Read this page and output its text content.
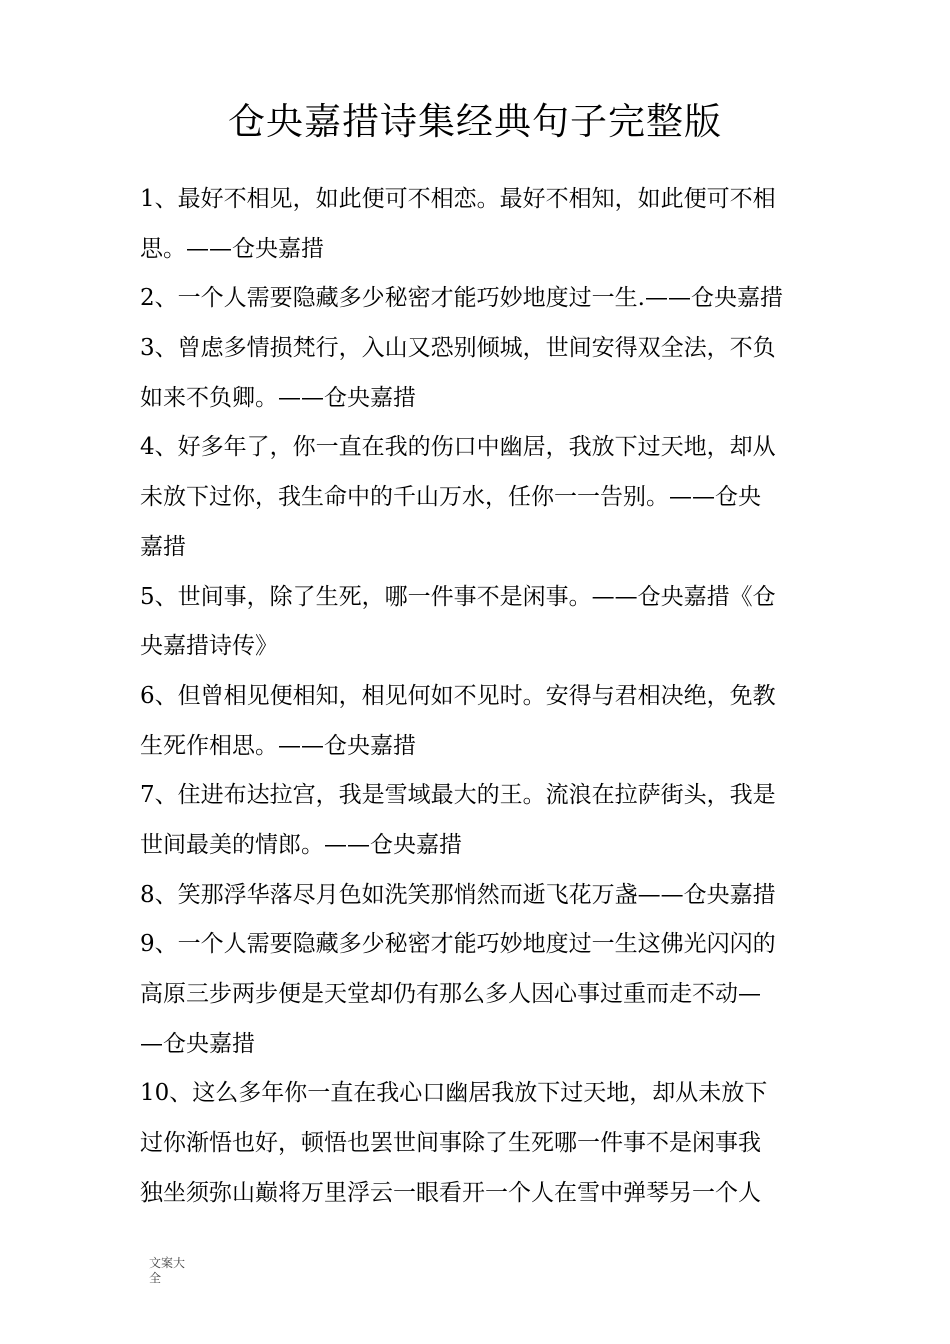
仓央嘉措诗集经典句子完整版
1、最好不相见，如此便可不相恋。最好不相知，如此便可不相
思。——仓央嘉措
2、一个人需要隐藏多少秘密才能巧妙地度过一生.——仓央嘉措
3、曾虑多情损梵行，入山又恐别倾城，世间安得双全法，不负
如来不负卿。——仓央嘉措
4、好多年了，你一直在我的伤口中幽居，我放下过天地，却从
未放下过你，我生命中的千山万水，任你一一告别。——仓央
嘉措
5、世间事，除了生死，哪一件事不是闲事。——仓央嘉措《仓
央嘉措诗传》
6、但曾相见便相知，相见何如不见时。安得与君相决绝，免教
生死作相思。——仓央嘉措
7、住进布达拉宫，我是雪域最大的王。流浪在拉萨街头，我是
世间最美的情郎。——仓央嘉措
8、笑那浮华落尽月色如洗笑那悄然而逝飞花万盏——仓央嘉措
9、一个人需要隐藏多少秘密才能巧妙地度过一生这佛光闪闪的
高原三步两步便是天堂却仍有那么多人因心事过重而走不动—
—仓央嘉措
10、这么多年你一直在我心口幽居我放下过天地，却从未放下
过你渐悟也好，顿悟也罢世间事除了生死哪一件事不是闲事我
独坐须弥山巅将万里浮云一眼看开一个人在雪中弹琴另一个人
文案大
全
